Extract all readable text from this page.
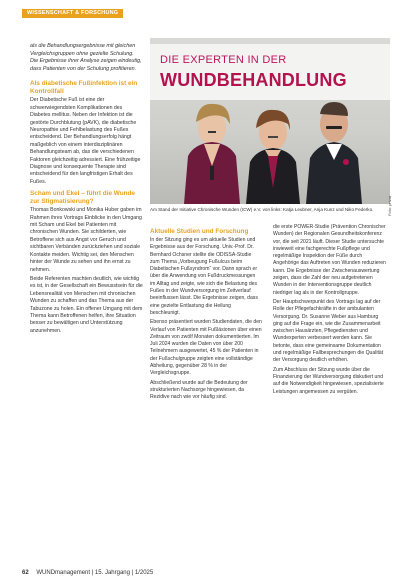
WISSENSCHAFT & FORSCHUNG

als die Behandlungsergebnisse mit gleichen Vergleichsgruppen ohne gezielte Schulung. Die Ergebnisse ihrer Analyse zeigen eindeutig, dass Patienten von der Schulung profitieren.

Als diabetische Fußinfektion ist ein Kontrollfall

Der Diabetische Fuß ist eine der schwerwiegendsten Komplikationen des Diabetes mellitus. Neben der Infektion ist die gestörte Durchblutung (pAVK), die diabetische Neuropathie und Fehlbelastung des Fußes entscheidend. Der Behandlungserfolg hängt maßgeblich von einem interdisziplinären Behandlungsteam ab, das die verschiedenen Faktoren gleichzeitig adressiert. Eine frühzeitige Diagnose und konsequente Therapie sind entscheidend für den langfristigen Erhalt des Fußes.

Scham und Ekel – führt die Wunde zur Stigmatisierung?

Thomas Bonkowski und Monika Huber gaben im Rahmen ihres Vortrags Einblicke in den Umgang mit Scham und Ekel bei Patienten mit chronischen Wunden. Sie schilderten, wie Betroffene sich aus Angst vor Geruch und sichtbaren Verbänden zurückziehen und soziale Kontakte meiden. Wichtig sei, den Menschen hinter der Wunde zu sehen und ihn ernst zu nehmen.

Beide Referenten machten deutlich, wie wichtig es ist, in der Gesellschaft ein Bewusstsein für die Lebensrealität von Menschen mit chronischen Wunden zu schaffen und das Thema aus der Tabuzone zu holen. Ein offener Umgang mit dem Thema kann Betroffenen helfen, ihre Situation besser zu bewältigen und Unterstützung anzunehmen.

DIE EXPERTEN IN DER
WUNDBEHANDLUNG
Foto: privat
Am Stand der Initiative Chronische Wunden (ICW) e.V. von links: Katja Leubner, Anja Kunz und Niko Federko.
Aktuelle Studien und Forschung

In der Sitzung ging es um aktuelle Studien und Ergebnisse aus der Forschung. Univ.-Prof. Dr. Bernhard Ochsner stellte die ODISSA-Studie zum Thema „Vorbeugung Fußulcus beim Diabetischen Fußsyndrom“ vor. Dann sprach er über die Anwendung von Fußdruckmessungen im Alltag und zeigte, wie sich die Belastung des Fußes in der Wundversorgung im Zeitverlauf beeinflussen lässt. Die Ergebnisse zeigen, dass eine gezielte Entlastung die Heilung beschleunigt.

Ebenso präsentiert wurden Studiendaten, die den Verlauf von Patienten mit Fußläsionen über einen Zeitraum von zwölf Monaten dokumentierten. Im Juli 2024 wurden die Daten von über 200 Teilnehmern ausgewertet, 45 % der Patienten in der Fußschulgruppe zeigten eine vollständige Abheilung, gegenüber 28 % in der Vergleichsgruppe.

Abschließend wurde auf die Bedeutung der strukturierten Nachsorge hingewiesen, da Rezidive nach wie vor häufig sind.

die erste POWER-Studie (Prävention Chronischer Wunden) der Regionalen Gesundheitskonferenz vor, die seit 2021 läuft. Dieser Studie untersuchte inwieweit eine fachgerechte Fußpflege und regelmäßige Inspektion der Füße durch Angehörige das Auftreten von Wunden reduzieren kann. Die Ergebnisse der Zwischenauswertung zeigen, dass die Zahl der neu aufgetretenen Wunden in der Interventionsgruppe deutlich niedriger lag als in der Kontrollgruppe.

Der Hauptschwerpunkt des Vortrags lag auf der Rolle der Pflegefachkräfte in der ambulanten Versorgung. Dr. Susanne Weber aus Hamburg ging auf die Frage ein, wie die Zusammenarbeit zwischen Hausärzten, Pflegediensten und Wundexperten verbessert werden kann. Sie betonte, dass eine gemeinsame Dokumentation und regelmäßige Fallbesprechungen die Qualität der Versorgung deutlich erhöhen.

Zum Abschluss der Sitzung wurde über die Finanzierung der Wundversorgung diskutiert und auf die Notwendigkeit hingewiesen, spezialisierte Leistungen angemessen zu vergüten.

62 WUNDmanagement | 15. Jahrgang | 1/2025
